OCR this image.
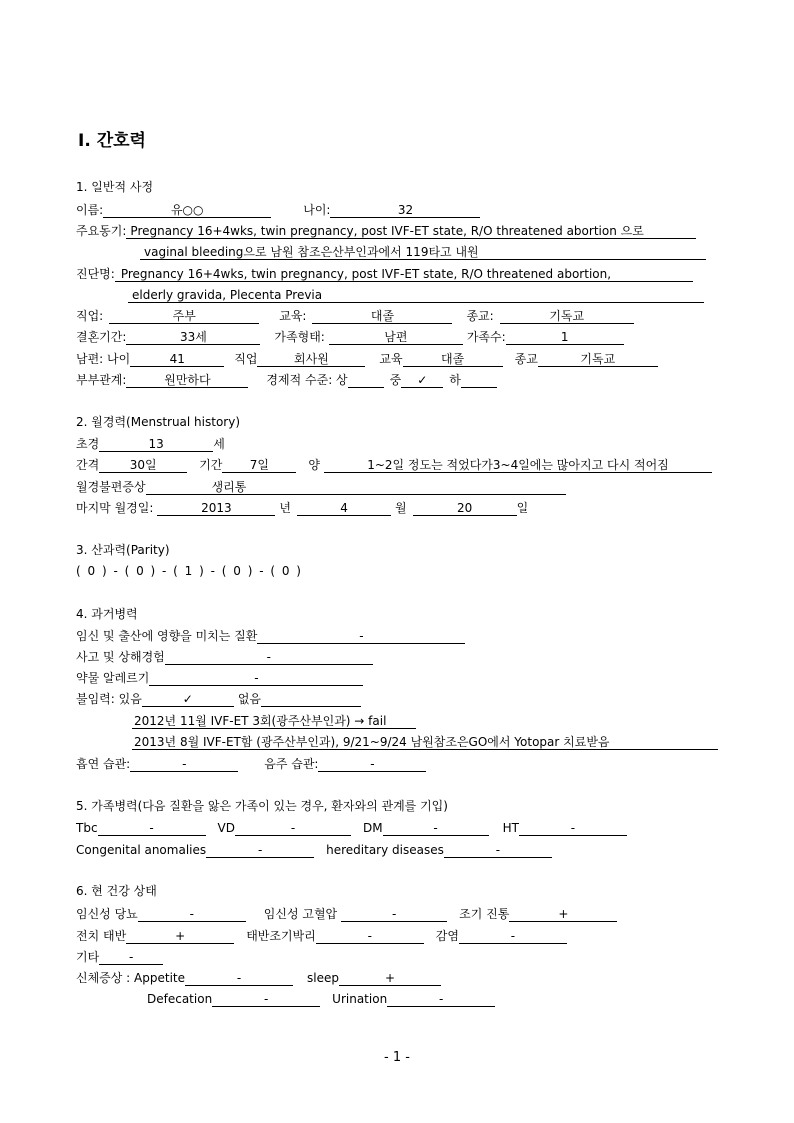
Ⅰ. 간호력
1. 일반적 사정
이름:	유○○	나이:	32
주요동기: Pregnancy 16+4wks, twin pregnancy, post IVF-ET state, R/O threatened abortion 으로
vaginal bleeding으로 남원 참조은산부인과에서 119타고 내원
진단명: Pregnancy 16+4wks, twin pregnancy, post IVF-ET state, R/O threatened abortion,
elderly gravida, Plecenta Previa
직업:	주부	교육:	대졸	종교:	기독교
결혼기간:	33세	가족형태:	남편	가족수:	1
남편: 나이	41	직업	회사원	교육	대졸	종교	기독교
부부관계:	원만하다	경제적 수준: 상	중 ✓ 하
2. 월경력(Menstrual history)
초경	13	세
간격	30일	기간 7일	양	1~2일 정도는 적었다가3~4일에는 많아지고 다시 적어짐
월경불편증상	생리통
마지막 월경일:	2013	년	4	월	20	일
3. 산과력(Parity)
( 0 ) - ( 0 ) - ( 1 ) - ( 0 ) - ( 0 )
4. 과거병력
임신 및 출산에 영향을 미치는 질환	-
사고 및 상해경험	-
약물 알레르기	-
불임력: 있음	✓	없음
2012년 11월 IVF-ET 3회(광주산부인과) → fail
2013년 8월 IVF-ET함 (광주산부인과), 9/21~9/24 남원참조은GO에서 Yotopar 치료받음
흡연 습관:	-	음주 습관:	-
5. 가족병력(다음 질환을 앓은 가족이 있는 경우, 환자와의 관계를 기입)
Tbc	-	VD	-	DM	-	HT	-
Congenital anomalies	-	hereditary diseases	-
6. 현 건강 상태
임신성 당뇨	-	임신성 고혈압	-	조기 진통	+
전치 태반	+	태반조기박리	-	감염	-
기타 -
신체증상 : Appetite	-	sleep	+
Defecation	-	Urination	-
- 1 -
